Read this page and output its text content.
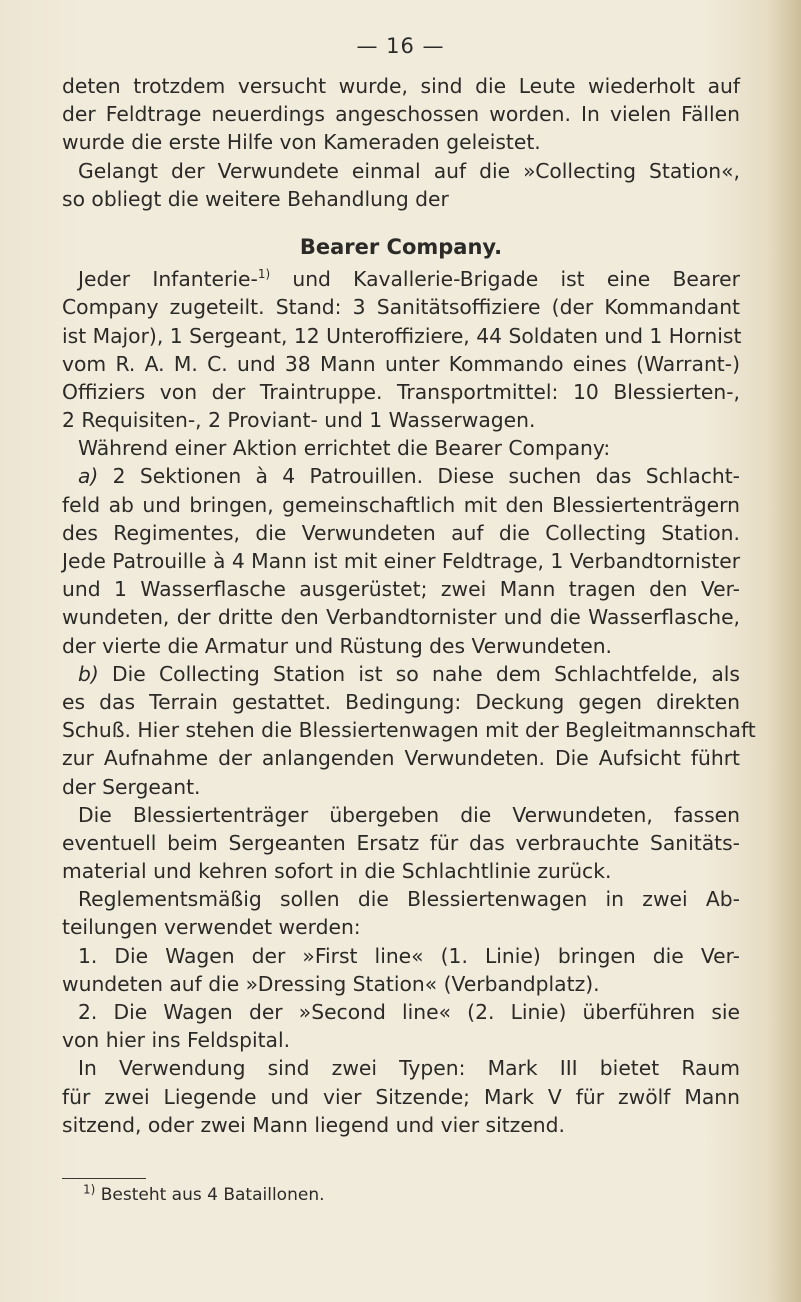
— 16 —
deten trotzdem versucht wurde, sind die Leute wiederholt auf
der Feldtrage neuerdings angeschossen worden. In vielen Fällen
wurde die erste Hilfe von Kameraden geleistet.
Gelangt der Verwundete einmal auf die »Collecting Station«,
so obliegt die weitere Behandlung der
Bearer Company.
Jeder Infanterie-$^{1)}$ und Kavallerie-Brigade ist eine Bearer
Company zugeteilt. Stand: 3 Sanitätsoffiziere (der Kommandant
ist Major), 1 Sergeant, 12 Unteroffiziere, 44 Soldaten und 1 Hornist
vom R. A. M. C. und 38 Mann unter Kommando eines (Warrant-)
Offiziers von der Traintruppe. Transportmittel: 10 Blessierten-,
2 Requisiten-, 2 Proviant- und 1 Wasserwagen.
Während einer Aktion errichtet die Bearer Company:
a) 2 Sektionen à 4 Patrouillen. Diese suchen das Schlacht-
feld ab und bringen, gemeinschaftlich mit den Blessiertenträgern
des Regimentes, die Verwundeten auf die Collecting Station.
Jede Patrouille à 4 Mann ist mit einer Feldtrage, 1 Verbandtornister
und 1 Wasserflasche ausgerüstet; zwei Mann tragen den Ver-
wundeten, der dritte den Verbandtornister und die Wasserflasche,
der vierte die Armatur und Rüstung des Verwundeten.
b) Die Collecting Station ist so nahe dem Schlachtfelde, als
es das Terrain gestattet. Bedingung: Deckung gegen direkten
Schuß. Hier stehen die Blessiertenwagen mit der Begleitmannschaft
zur Aufnahme der anlangenden Verwundeten. Die Aufsicht führt
der Sergeant.
Die Blessiertenträger übergeben die Verwundeten, fassen
eventuell beim Sergeanten Ersatz für das verbrauchte Sanitäts-
material und kehren sofort in die Schlachtlinie zurück.
Reglementsmäßig sollen die Blessiertenwagen in zwei Ab-
teilungen verwendet werden:
1. Die Wagen der »First line« (1. Linie) bringen die Ver-
wundeten auf die »Dressing Station« (Verbandplatz).
2. Die Wagen der »Second line« (2. Linie) überführen sie
von hier ins Feldspital.
In Verwendung sind zwei Typen: Mark III bietet Raum
für zwei Liegende und vier Sitzende; Mark V für zwölf Mann
sitzend, oder zwei Mann liegend und vier sitzend.
$^{1)}$ Besteht aus 4 Bataillonen.
